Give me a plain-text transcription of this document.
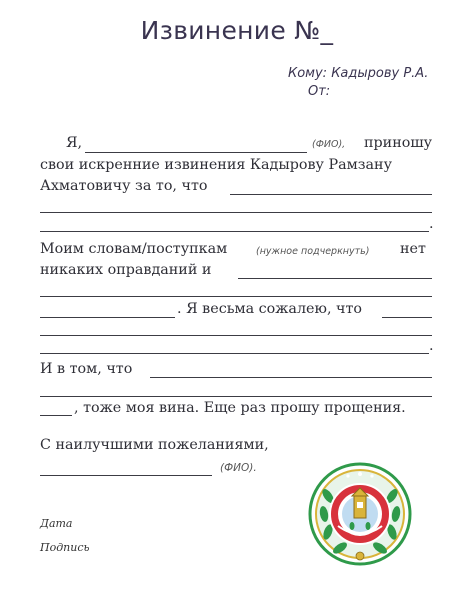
Извинение №_
Кому: Кадырову Р.А.
От:
Я,	(ФИО), приношу
свои искренние извинения Кадырову Рамзану
Ахматовичу за то, что
.
Моим словам/поступкам	(нужное подчеркнуть) нет
никаких оправданий и
. Я весьма сожалею, что
.
И в том, что
, тоже моя вина. Еще раз прошу прощения.
С наилучшими пожеланиями,
(ФИО).
Дата
Подпись
